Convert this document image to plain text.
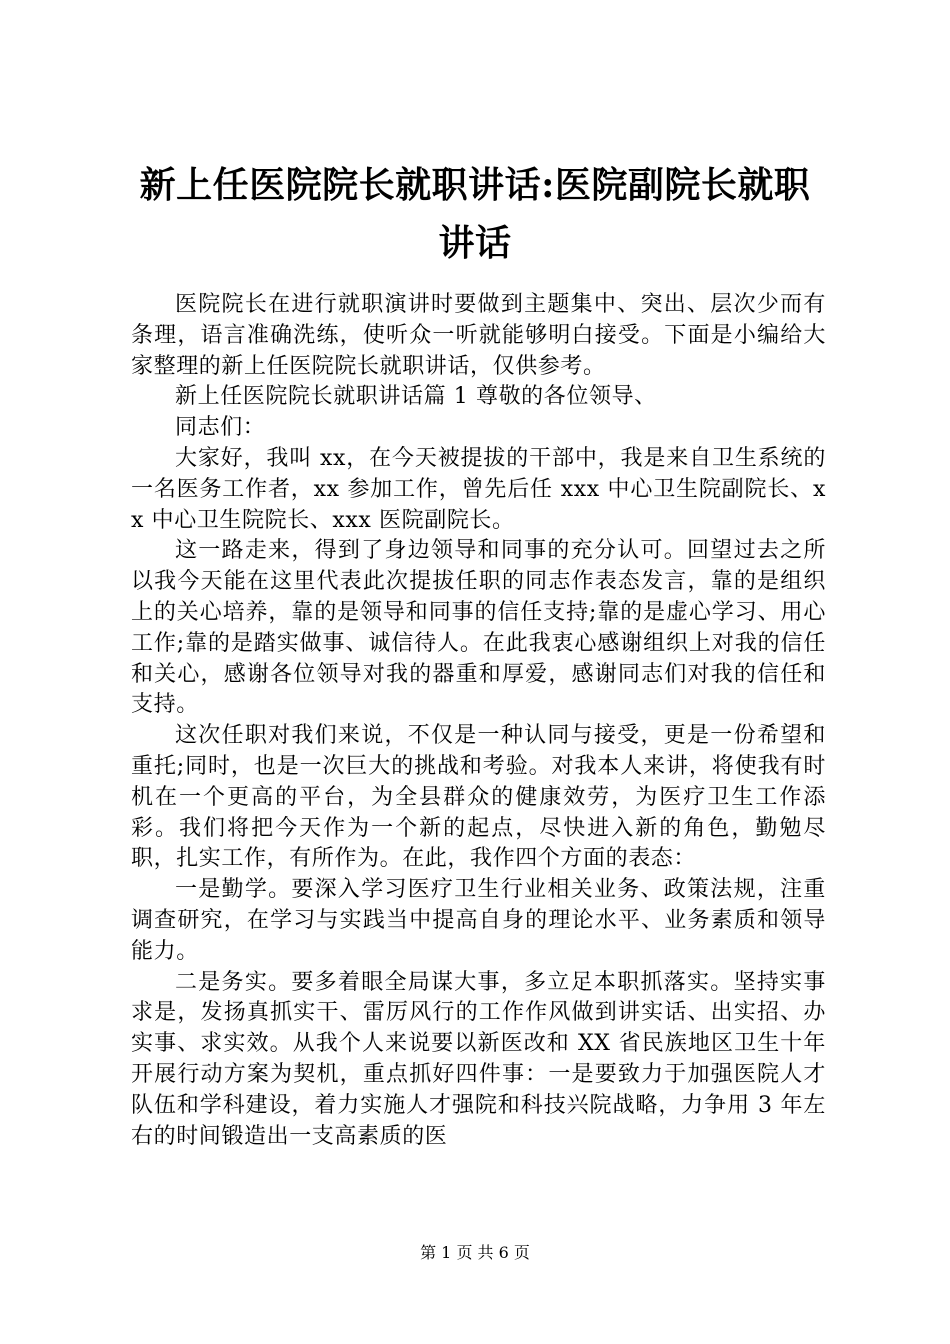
新上任医院院长就职讲话:医院副院长就职讲话

医院院长在进行就职演讲时要做到主题集中、突出、层次少而有条理，语言准确洗练，使听众一听就能够明白接受。下面是小编给大家整理的新上任医院院长就职讲话，仅供参考。

新上任医院院长就职讲话篇 1 尊敬的各位领导、

同志们：

大家好，我叫 xx，在今天被提拔的干部中，我是来自卫生系统的一名医务工作者，xx 参加工作，曾先后任 xxx 中心卫生院副院长、xx 中心卫生院院长、xxx 医院副院长。

这一路走来，得到了身边领导和同事的充分认可。回望过去之所以我今天能在这里代表此次提拔任职的同志作表态发言，靠的是组织上的关心培养，靠的是领导和同事的信任支持;靠的是虚心学习、用心工作;靠的是踏实做事、诚信待人。在此我衷心感谢组织上对我的信任和关心，感谢各位领导对我的器重和厚爱，感谢同志们对我的信任和支持。

这次任职对我们来说，不仅是一种认同与接受，更是一份希望和重托;同时，也是一次巨大的挑战和考验。对我本人来讲，将使我有时机在一个更高的平台，为全县群众的健康效劳，为医疗卫生工作添彩。我们将把今天作为一个新的起点，尽快进入新的角色，勤勉尽职，扎实工作，有所作为。在此，我作四个方面的表态：

一是勤学。要深入学习医疗卫生行业相关业务、政策法规，注重调查研究，在学习与实践当中提高自身的理论水平、业务素质和领导能力。

二是务实。要多着眼全局谋大事，多立足本职抓落实。坚持实事求是，发扬真抓实干、雷厉风行的工作作风做到讲实话、出实招、办实事、求实效。从我个人来说要以新医改和 XX 省民族地区卫生十年开展行动方案为契机，重点抓好四件事：一是要致力于加强医院人才队伍和学科建设，着力实施人才强院和科技兴院战略，力争用 3 年左右的时间锻造出一支高素质的医

第 1 页 共 6 页
